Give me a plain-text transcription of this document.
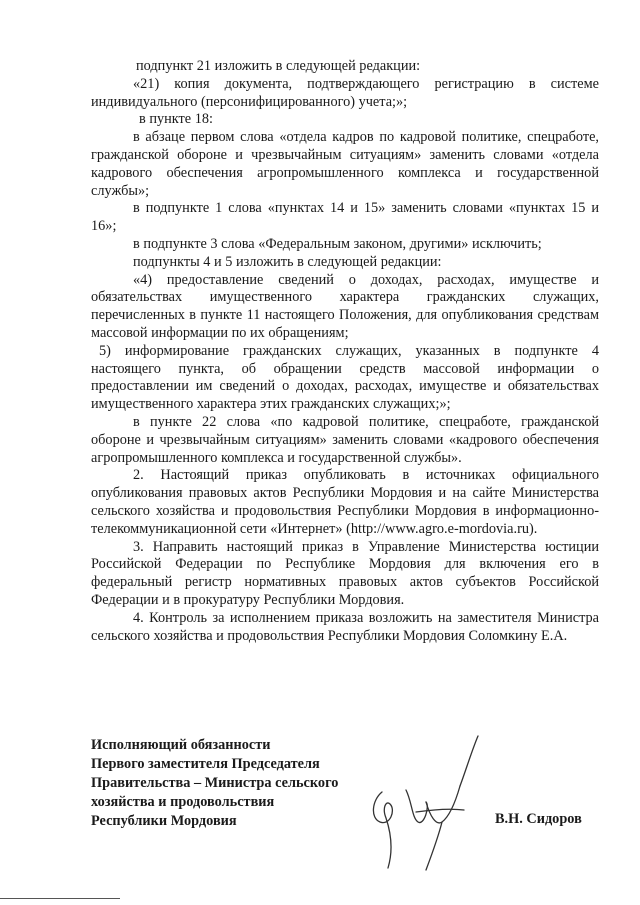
подпункт 21 изложить в следующей редакции:

«21) копия документа, подтверждающего регистрацию в системе индивидуального (персонифицированного) учета;»;

в пункте 18:

в абзаце первом слова «отдела кадров по кадровой политике, спецработе, гражданской обороне и чрезвычайным ситуациям» заменить словами «отдела кадрового обеспечения агропромышленного комплекса и государственной службы»;

в подпункте 1 слова «пунктах 14 и 15» заменить словами «пунктах 15 и 16»;

в подпункте 3 слова «Федеральным законом, другими» исключить;

подпункты 4 и 5 изложить в следующей редакции:

«4) предоставление сведений о доходах, расходах, имуществе и обязательствах имущественного характера гражданских служащих, перечисленных в пункте 11 настоящего Положения, для опубликования средствам массовой информации по их обращениям;

5) информирование гражданских служащих, указанных в подпункте 4 настоящего пункта, об обращении средств массовой информации о предоставлении им сведений о доходах, расходах, имуществе и обязательствах имущественного характера этих гражданских служащих;»;

в пункте 22 слова «по кадровой политике, спецработе, гражданской обороне и чрезвычайным ситуациям» заменить словами «кадрового обеспечения агропромышленного комплекса и государственной службы».

2. Настоящий приказ опубликовать в источниках официального опубликования правовых актов Республики Мордовия и на сайте Министерства сельского хозяйства и продовольствия Республики Мордовия в информационно-телекоммуникационной сети «Интернет» (http://www.agro.e-mordovia.ru).

3. Направить настоящий приказ в Управление Министерства юстиции Российской Федерации по Республике Мордовия для включения его в федеральный регистр нормативных правовых актов субъектов Российской Федерации и в прокуратуру Республики Мордовия.

4. Контроль за исполнением приказа возложить на заместителя Министра сельского хозяйства и продовольствия Республики Мордовия Соломкину Е.А.

Исполняющий обязанности
Первого заместителя Председателя
Правительства – Министра сельского
хозяйства и продовольствия
Республики Мордовия	В.Н. Сидоров
